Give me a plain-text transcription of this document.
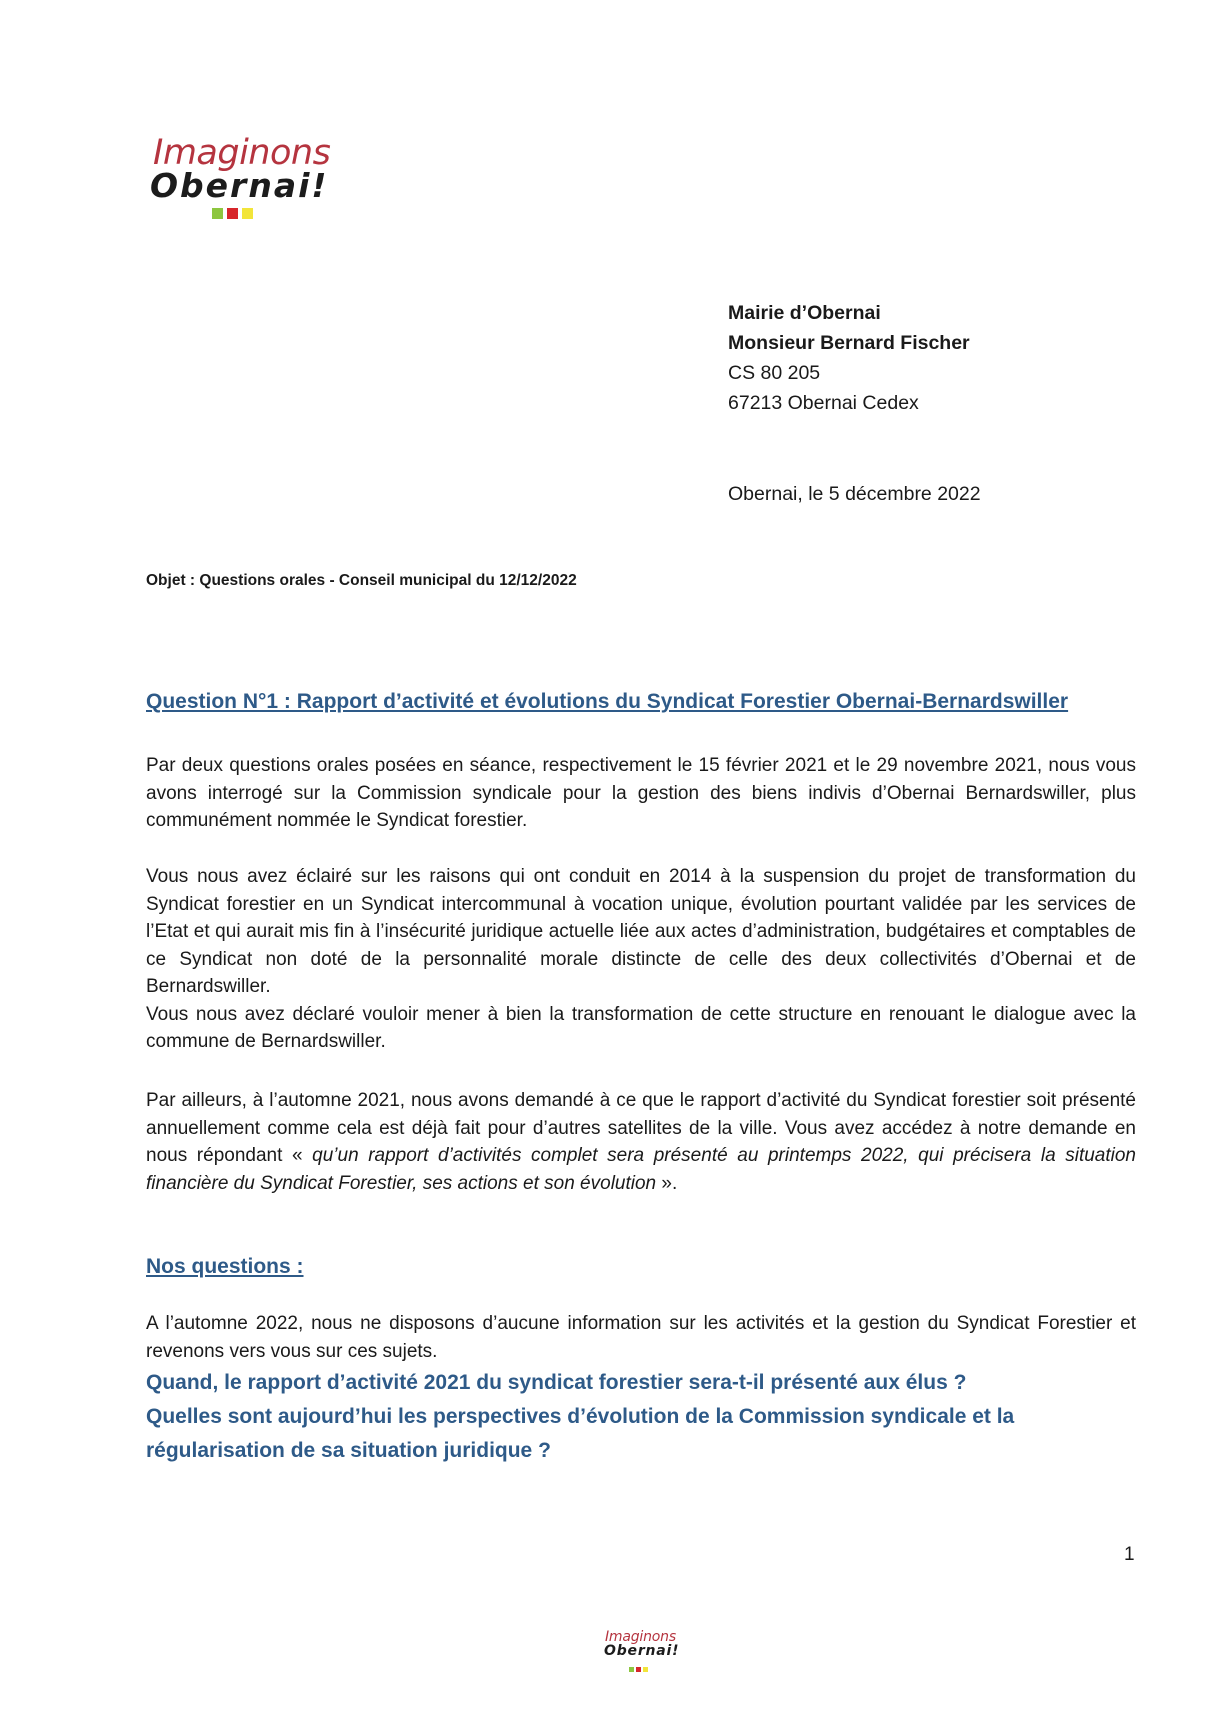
Imaginons
Obernai!
Mairie d’Obernai
Monsieur Bernard Fischer
CS 80 205
67213 Obernai Cedex
Obernai, le 5 décembre 2022
Objet : Questions orales - Conseil municipal du 12/12/2022
Question N°1 : Rapport d’activité et évolutions du Syndicat Forestier Obernai-Bernardswiller

Par deux questions orales posées en séance, respectivement le 15 février 2021 et le 29 novembre 2021, nous vous avons interrogé sur la Commission syndicale pour la gestion des biens indivis d’Obernai Bernardswiller, plus communément nommée le Syndicat forestier.

Vous nous avez éclairé sur les raisons qui ont conduit en 2014 à la suspension du projet de transformation du Syndicat forestier en un Syndicat intercommunal à vocation unique, évolution pourtant validée par les services de l’Etat et qui aurait mis fin à l’insécurité juridique actuelle liée aux actes d’administration, budgétaires et comptables de ce Syndicat non doté de la personnalité morale distincte de celle des deux collectivités d’Obernai et de Bernardswiller.
Vous nous avez déclaré vouloir mener à bien la transformation de cette structure en renouant le dialogue avec la commune de Bernardswiller.

Par ailleurs, à l’automne 2021, nous avons demandé à ce que le rapport d’activité du Syndicat forestier soit présenté annuellement comme cela est déjà fait pour d’autres satellites de la ville. Vous avez accédez à notre demande en nous répondant « qu’un rapport d’activités complet sera présenté au printemps 2022, qui précisera la situation financière du Syndicat Forestier, ses actions et son évolution ».

Nos questions :

A l’automne 2022, nous ne disposons d’aucune information sur les activités et la gestion du Syndicat Forestier et revenons vers vous sur ces sujets.

Quand, le rapport d’activité 2021 du syndicat forestier sera-t-il présenté aux élus ?
Quelles sont aujourd’hui les perspectives d’évolution de la Commission syndicale et la régularisation de sa situation juridique ?
1
Imaginons
Obernai!
